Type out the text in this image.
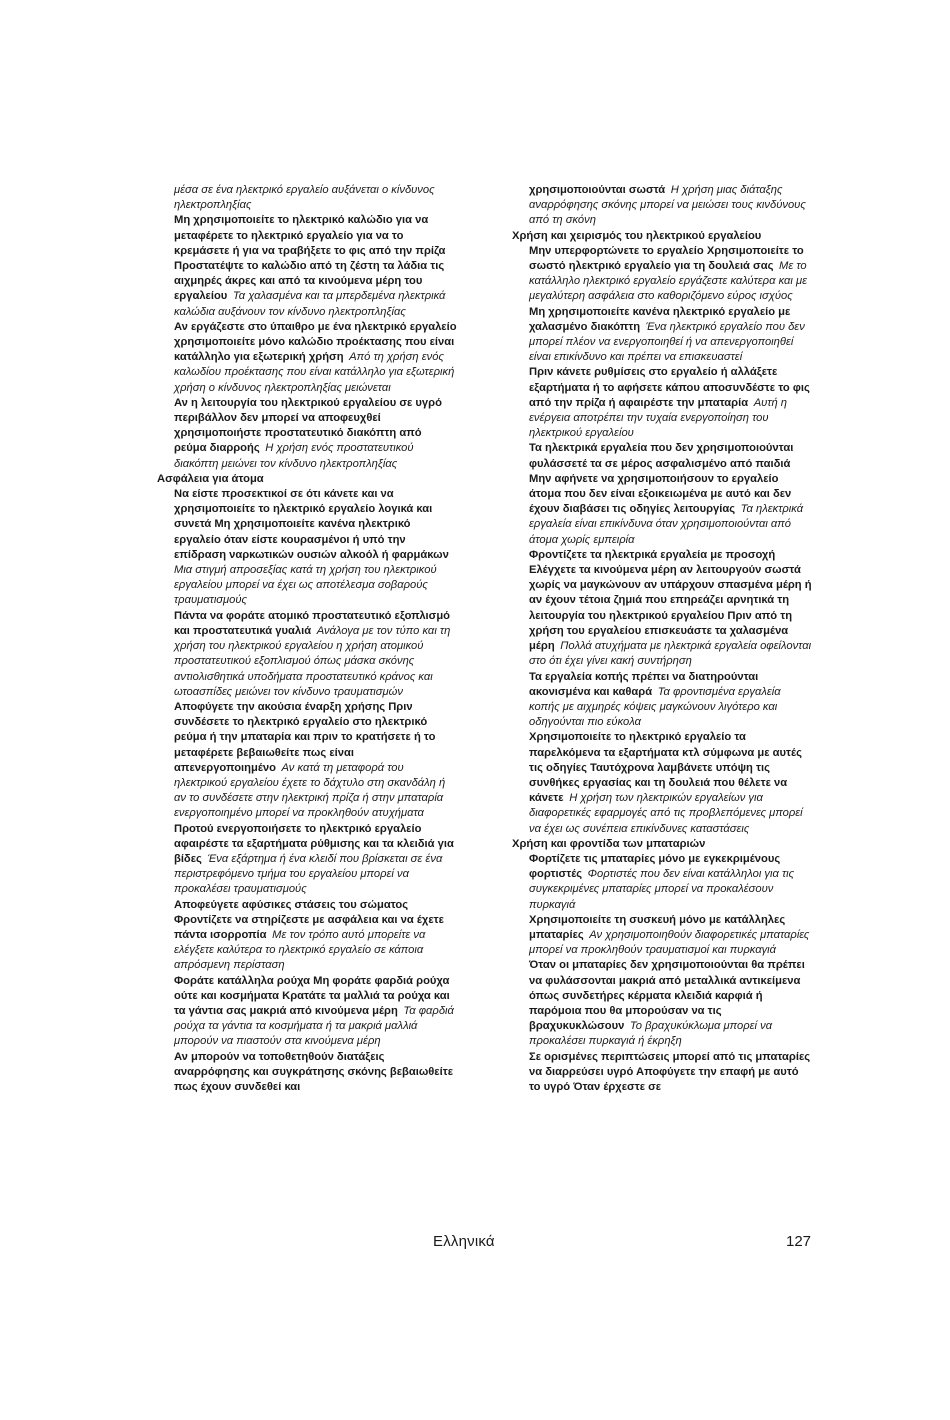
μέσα σε ένα ηλεκτρικό εργαλείο αυξάνεται ο κίνδυνος ηλεκτροπληξίας

Μη χρησιμοποιείτε το ηλεκτρικό καλώδιο για να μεταφέρετε το ηλεκτρικό εργαλείο για να το κρεμάσετε ή για να τραβήξετε το φις από την πρίζα Προστατέψτε το καλώδιο από τη ζέστη τα λάδια τις αιχμηρές άκρες και από τα κινούμενα μέρη του εργαλείου  Τα χαλασμένα και τα μπερδεμένα ηλεκτρικά καλώδια αυξάνουν τον κίνδυνο ηλεκτροπληξίας

Αν εργάζεστε στο ύπαιθρο με ένα ηλεκτρικό εργαλείο χρησιμοποιείτε μόνο καλώδιο προέκτασης που είναι κατάλληλο για εξωτερική χρήση  Από τη χρήση ενός καλωδίου προέκτασης που είναι κατάλληλο για εξωτερική χρήση ο κίνδυνος ηλεκτροπληξίας μειώνεται

Αν η λειτουργία του ηλεκτρικού εργαλείου σε υγρό περιβάλλον δεν μπορεί να αποφευχθεί χρησιμοποιήστε προστατευτικό διακόπτη από ρεύμα διαρροής  Η χρήση ενός προστατευτικού διακόπτη μειώνει τον κίνδυνο ηλεκτροπληξίας

Ασφάλεια για άτομα

Να είστε προσεκτικοί σε ότι κάνετε και να χρησιμοποιείτε το ηλεκτρικό εργαλείο λογικά και συνετά Μη χρησιμοποιείτε κανένα ηλεκτρικό εργαλείο όταν είστε κουρασμένοι ή υπό την επίδραση ναρκωτικών ουσιών αλκοόλ ή φαρμάκων Μια στιγμή απροσεξίας κατά τη χρήση του ηλεκτρικού εργαλείου μπορεί να έχει ως αποτέλεσμα σοβαρούς τραυματισμούς

Πάντα να φοράτε ατομικό προστατευτικό εξοπλισμό και προστατευτικά γυαλιά  Ανάλογα με τον τύπο και τη χρήση του ηλεκτρικού εργαλείου η χρήση ατομικού προστατευτικού εξοπλισμού όπως μάσκα σκόνης αντιολισθητικά υποδήματα προστατευτικό κράνος και ωτοασπίδες μειώνει τον κίνδυνο τραυματισμών

Αποφύγετε την ακούσια έναρξη χρήσης Πριν συνδέσετε το ηλεκτρικό εργαλείο στο ηλεκτρικό ρεύμα ή την μπαταρία και πριν το κρατήσετε ή το μεταφέρετε βεβαιωθείτε πως είναι απενεργοποιημένο  Αν κατά τη μεταφορά του ηλεκτρικού εργαλείου έχετε το δάχτυλο στη σκανδάλη ή αν το συνδέσετε στην ηλεκτρική πρίζα ή στην μπαταρία ενεργοποιημένο μπορεί να προκληθούν ατυχήματα

Προτού ενεργοποιήσετε το ηλεκτρικό εργαλείο αφαιρέστε τα εξαρτήματα ρύθμισης και τα κλειδιά για βίδες  Ένα εξάρτημα ή ένα κλειδί που βρίσκεται σε ένα περιστρεφόμενο τμήμα του εργαλείου μπορεί να προκαλέσει τραυματισμούς

Αποφεύγετε αφύσικες στάσεις του σώματος Φροντίζετε να στηρίζεστε με ασφάλεια και να έχετε πάντα ισορροπία  Με τον τρόπο αυτό μπορείτε να ελέγξετε καλύτερα το ηλεκτρικό εργαλείο σε κάποια απρόσμενη περίσταση

Φοράτε κατάλληλα ρούχα Μη φοράτε φαρδιά ρούχα ούτε και κοσμήματα Κρατάτε τα μαλλιά τα ρούχα και τα γάντια σας μακριά από κινούμενα μέρη  Τα φαρδιά ρούχα τα γάντια τα κοσμήματα ή τα μακριά μαλλιά μπορούν να πιαστούν στα κινούμενα μέρη

Αν μπορούν να τοποθετηθούν διατάξεις αναρρόφησης και συγκράτησης σκόνης βεβαιωθείτε πως έχουν συνδεθεί και

χρησιμοποιούνται σωστά  Η χρήση μιας διάταξης αναρρόφησης σκόνης μπορεί να μειώσει τους κινδύνους από τη σκόνη

Χρήση και χειρισμός του ηλεκτρικού εργαλείου

Μην υπερφορτώνετε το εργαλείο Χρησιμοποιείτε το σωστό ηλεκτρικό εργαλείο για τη δουλειά σας  Με το κατάλληλο ηλεκτρικό εργαλείο εργάζεστε καλύτερα και με μεγαλύτερη ασφάλεια στο καθοριζόμενο εύρος ισχύος

Μη χρησιμοποιείτε κανένα ηλεκτρικό εργαλείο με χαλασμένο διακόπτη  Ένα ηλεκτρικό εργαλείο που δεν μπορεί πλέον να ενεργοποιηθεί ή να απενεργοποιηθεί είναι επικίνδυνο και πρέπει να επισκευαστεί

Πριν κάνετε ρυθμίσεις στο εργαλείο ή αλλάξετε εξαρτήματα ή το αφήσετε κάπου αποσυνδέστε το φις από την πρίζα ή αφαιρέστε την μπαταρία  Αυτή η ενέργεια αποτρέπει την τυχαία ενεργοποίηση του ηλεκτρικού εργαλείου

Τα ηλεκτρικά εργαλεία που δεν χρησιμοποιούνται φυλάσσετέ τα σε μέρος ασφαλισμένο από παιδιά Μην αφήνετε να χρησιμοποιήσουν το εργαλείο άτομα που δεν είναι εξοικειωμένα με αυτό και δεν έχουν διαβάσει τις οδηγίες λειτουργίας  Τα ηλεκτρικά εργαλεία είναι επικίνδυνα όταν χρησιμοποιούνται από άτομα χωρίς εμπειρία

Φροντίζετε τα ηλεκτρικά εργαλεία με προσοχή Ελέγχετε τα κινούμενα μέρη αν λειτουργούν σωστά χωρίς να μαγκώνουν αν υπάρχουν σπασμένα μέρη ή αν έχουν τέτοια ζημιά που επηρεάζει αρνητικά τη λειτουργία του ηλεκτρικού εργαλείου Πριν από τη χρήση του εργαλείου επισκευάστε τα χαλασμένα μέρη  Πολλά ατυχήματα με ηλεκτρικά εργαλεία οφείλονται στο ότι έχει γίνει κακή συντήρηση

Τα εργαλεία κοπής πρέπει να διατηρούνται ακονισμένα και καθαρά  Τα φροντισμένα εργαλεία κοπής με αιχμηρές κόψεις μαγκώνουν λιγότερο και οδηγούνται πιο εύκολα

Χρησιμοποιείτε το ηλεκτρικό εργαλείο τα παρελκόμενα τα εξαρτήματα κτλ σύμφωνα με αυτές τις οδηγίες Ταυτόχρονα λαμβάνετε υπόψη τις συνθήκες εργασίας και τη δουλειά που θέλετε να κάνετε  Η χρήση των ηλεκτρικών εργαλείων για διαφορετικές εφαρμογές από τις προβλεπόμενες μπορεί να έχει ως συνέπεια επικίνδυνες καταστάσεις

Χρήση και φροντίδα των μπαταριών

Φορτίζετε τις μπαταρίες μόνο με εγκεκριμένους φορτιστές  Φορτιστές που δεν είναι κατάλληλοι για τις συγκεκριμένες μπαταρίες μπορεί να προκαλέσουν πυρκαγιά

Χρησιμοποιείτε τη συσκευή μόνο με κατάλληλες μπαταρίες  Αν χρησιμοποιηθούν διαφορετικές μπαταρίες μπορεί να προκληθούν τραυματισμοί και πυρκαγιά

Όταν οι μπαταρίες δεν χρησιμοποιούνται θα πρέπει να φυλάσσονται μακριά από μεταλλικά αντικείμενα όπως συνδετήρες κέρματα κλειδιά καρφιά ή παρόμοια που θα μπορούσαν να τις βραχυκυκλώσουν  Το βραχυκύκλωμα μπορεί να προκαλέσει πυρκαγιά ή έκρηξη

Σε ορισμένες περιπτώσεις μπορεί από τις μπαταρίες να διαρρεύσει υγρό Αποφύγετε την επαφή με αυτό το υγρό Όταν έρχεστε σε

Ελληνικά	127
